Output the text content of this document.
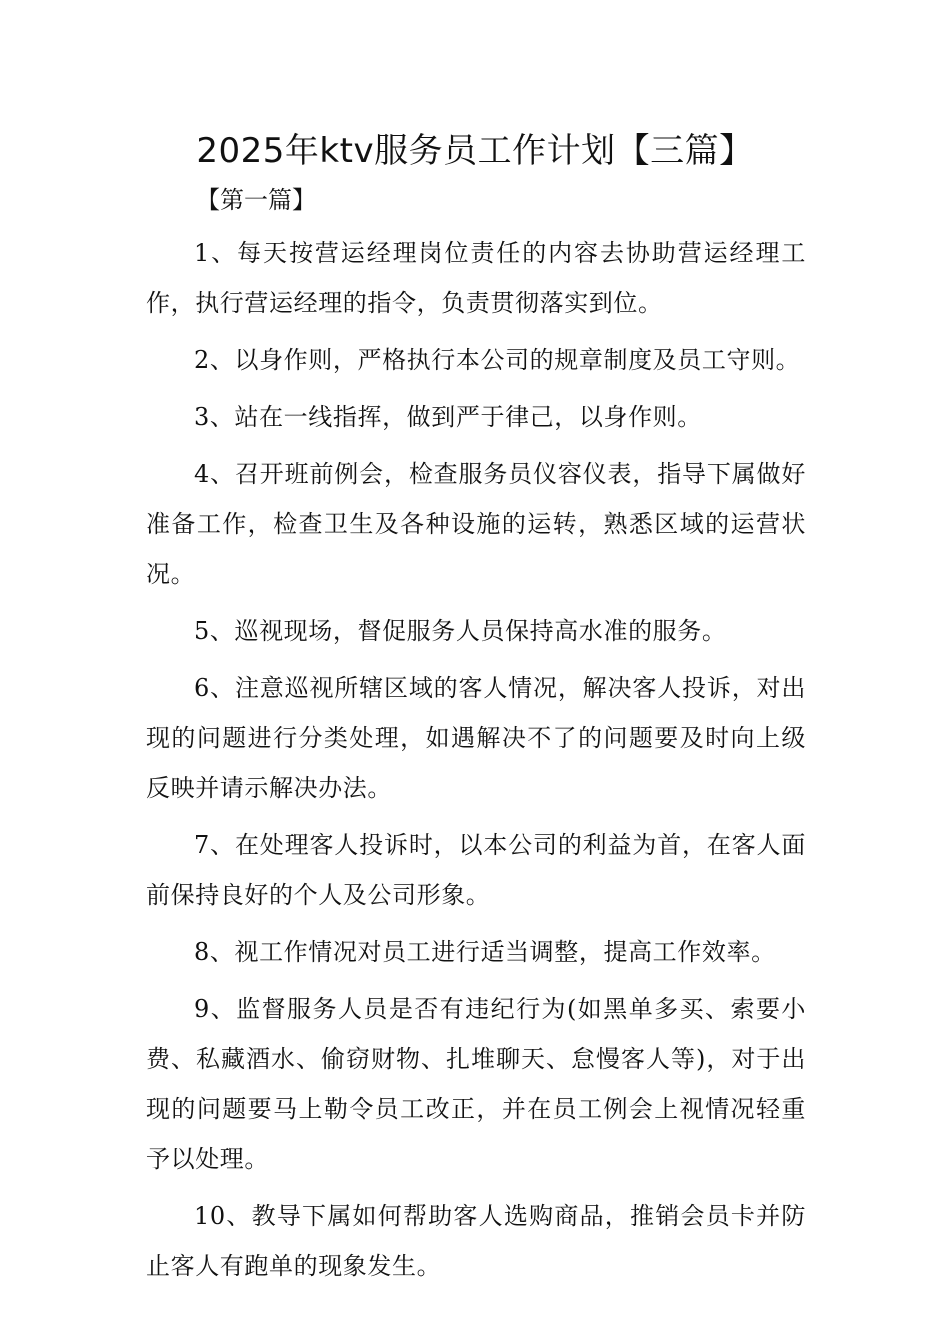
2025年ktv服务员工作计划【三篇】
【第一篇】

1、每天按营运经理岗位责任的内容去协助营运经理工作，执行营运经理的指令，负责贯彻落实到位。

2、以身作则，严格执行本公司的规章制度及员工守则。

3、站在一线指挥，做到严于律己，以身作则。

4、召开班前例会，检查服务员仪容仪表，指导下属做好准备工作，检查卫生及各种设施的运转，熟悉区域的运营状况。

5、巡视现场，督促服务人员保持高水准的服务。

6、注意巡视所辖区域的客人情况，解决客人投诉，对出现的问题进行分类处理，如遇解决不了的问题要及时向上级反映并请示解决办法。

7、在处理客人投诉时，以本公司的利益为首，在客人面前保持良好的个人及公司形象。

8、视工作情况对员工进行适当调整，提高工作效率。

9、监督服务人员是否有违纪行为(如黑单多买、索要小费、私藏酒水、偷窃财物、扎堆聊天、怠慢客人等)，对于出现的问题要马上勒令员工改正，并在员工例会上视情况轻重予以处理。

10、教导下属如何帮助客人选购商品，推销会员卡并防止客人有跑单的现象发生。
